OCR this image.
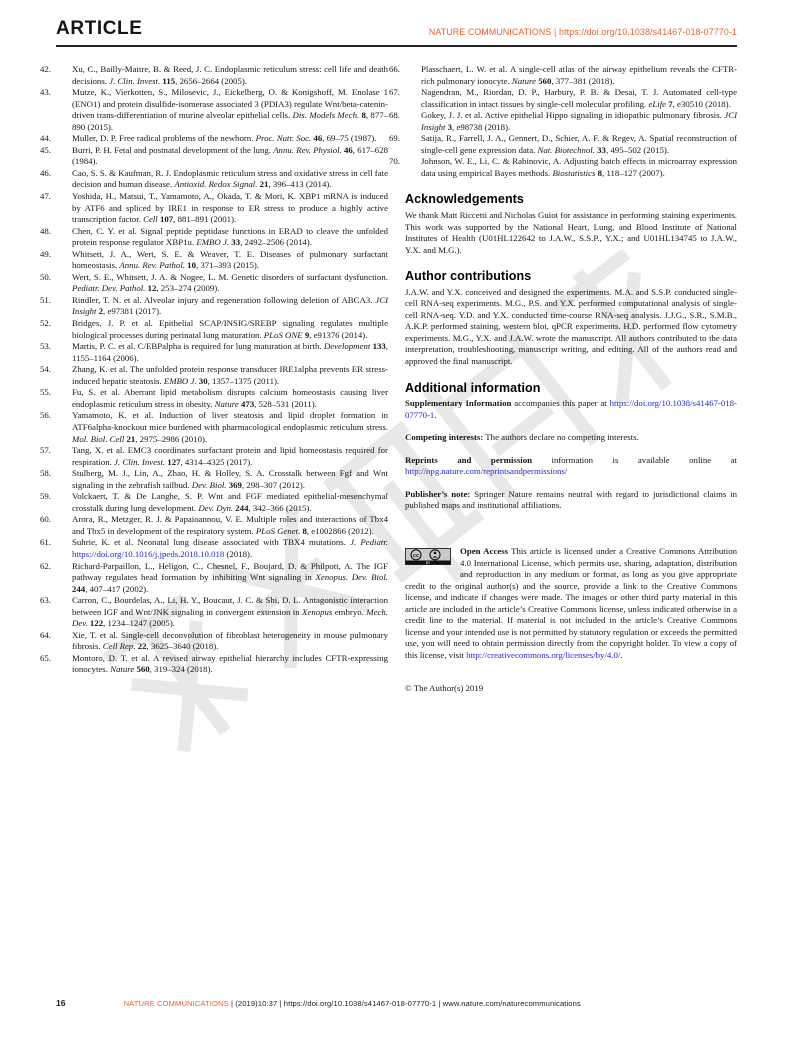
ARTICLE	NATURE COMMUNICATIONS | https://doi.org/10.1038/s41467-018-07770-1
42. Xu, C., Bailly-Maitre, B. & Reed, J. C. Endoplasmic reticulum stress: cell life and death decisions. J. Clin. Invest. 115, 2656–2664 (2005).
43. Mutze, K., Vierkotten, S., Milosevic, J., Eickelberg, O. & Konigshoff, M. Enolase 1 (ENO1) and protein disulfide-isomerase associated 3 (PDIA3) regulate Wnt/beta-catenin-driven trans-differentiation of murine alveolar epithelial cells. Dis. Models Mech. 8, 877–890 (2015).
44. Muller, D. P. Free radical problems of the newborn. Proc. Nutr. Soc. 46, 69–75 (1987).
45. Burri, P. H. Fetal and postnatal development of the lung. Annu. Rev. Physiol. 46, 617–628 (1984).
46. Cao, S. S. & Kaufman, R. J. Endoplasmic reticulum stress and oxidative stress in cell fate decision and human disease. Antioxid. Redox Signal. 21, 396–413 (2014).
47. Yoshida, H., Matsui, T., Yamamoto, A., Okada, T. & Mori, K. XBP1 mRNA is induced by ATF6 and spliced by IRE1 in response to ER stress to produce a highly active transcription factor. Cell 107, 881–891 (2001).
48. Chen, C. Y. et al. Signal peptide peptidase functions in ERAD to cleave the unfolded protein response regulator XBP1u. EMBO J. 33, 2492–2506 (2014).
49. Whitsett, J. A., Wert, S. E. & Weaver, T. E. Diseases of pulmonary surfactant homeostasis. Annu. Rev. Pathol. 10, 371–393 (2015).
50. Wert, S. E., Whitsett, J. A. & Nogee, L. M. Genetic disorders of surfactant dysfunction. Pediatr. Dev. Pathol. 12, 253–274 (2009).
51. Rindler, T. N. et al. Alveolar injury and regeneration following deletion of ABCA3. JCI Insight 2, e97381 (2017).
52. Bridges, J. P. et al. Epithelial SCAP/INSIG/SREBP signaling regulates multiple biological processes during perinatal lung maturation. PLoS ONE 9, e91376 (2014).
53. Martis, P. C. et al. C/EBPalpha is required for lung maturation at birth. Development 133, 1155–1164 (2006).
54. Zhang, K. et al. The unfolded protein response transducer IRE1alpha prevents ER stress-induced hepatic steatosis. EMBO J. 30, 1357–1375 (2011).
55. Fu, S. et al. Aberrant lipid metabolism disrupts calcium homeostasis causing liver endoplasmic reticulum stress in obesity. Nature 473, 528–531 (2011).
56. Yamamoto, K. et al. Induction of liver steatosis and lipid droplet formation in ATF6alpha-knockout mice burdened with pharmacological endoplasmic reticulum stress. Mol. Biol. Cell 21, 2975–2986 (2010).
57. Tang, X. et al. EMC3 coordinates surfactant protein and lipid homeostasis required for respiration. J. Clin. Invest. 127, 4314–4325 (2017).
58. Stulberg, M. J., Lin, A., Zhao, H. & Holley, S. A. Crosstalk between Fgf and Wnt signaling in the zebrafish tailbud. Dev. Biol. 369, 298–307 (2012).
59. Volckaert, T. & De Langhe, S. P. Wnt and FGF mediated epithelial-mesenchymal crosstalk during lung development. Dev. Dyn. 244, 342–366 (2015).
60. Arora, R., Metzger, R. J. & Papaioannou, V. E. Multiple roles and interactions of Tbx4 and Tbx5 in development of the respiratory system. PLoS Genet. 8, e1002866 (2012).
61. Suhrie, K. et al. Neonatal lung disease associated with TBX4 mutations. J. Pediatr. https://doi.org/10.1016/j.jpeds.2018.10.018 (2018).
62. Richard-Parpaillon, L., Heligon, C., Chesnel, F., Boujard, D. & Philpott, A. The IGF pathway regulates head formation by inhibiting Wnt signaling in Xenopus. Dev. Biol. 244, 407–417 (2002).
63. Carron, C., Bourdelas, A., Li, H. Y., Boucaut, J. C. & Shi, D. L. Antagonistic interaction between IGF and Wnt/JNK signaling in convergent extension in Xenopus embryo. Mech. Dev. 122, 1234–1247 (2005).
64. Xie, T. et al. Single-cell deconvolution of fibroblast heterogeneity in mouse pulmonary fibrosis. Cell Rep. 22, 3625–3640 (2018).
65. Montoro, D. T. et al. A revised airway epithelial hierarchy includes CFTR-expressing ionocytes. Nature 560, 319–324 (2018).
66. Plasschaert, L. W. et al. A single-cell atlas of the airway epithelium reveals the CFTR-rich pulmonary ionocyte. Nature 560, 377–381 (2018).
67. Nagendran, M., Riordan, D. P., Harbury, P. B. & Desai, T. J. Automated cell-type classification in intact tissues by single-cell molecular profiling. eLife 7, e30510 (2018).
68. Gokey, J. J. et al. Active epithelial Hippo signaling in idiopathic pulmonary fibrosis. JCI Insight 3, e98738 (2018).
69. Satija, R., Farrell, J. A., Gennert, D., Schier, A. F. & Regev, A. Spatial reconstruction of single-cell gene expression data. Nat. Biotechnol. 33, 495–502 (2015).
70. Johnson, W. E., Li, C. & Rabinovic, A. Adjusting batch effects in microarray expression data using empirical Bayes methods. Biostatistics 8, 118–127 (2007).
Acknowledgements

We thank Matt Riccetti and Nicholas Guiot for assistance in performing staining experiments. This work was supported by the National Heart, Lung, and Blood Institute of National Institutes of Health (U01HL122642 to J.A.W., S.S.P., Y.X.; and U01HL134745 to J.A.W., Y.X. and M.G.).

Author contributions

J.A.W. and Y.X. conceived and designed the experiments. M.A. and S.S.P. conducted single-cell RNA-seq experiments. M.G., P.S. and Y.X. performed computational analysis of single-cell RNA-seq. Y.D. and Y.X. conducted time-course RNA-seq analysis. J.J.G., S.R., S.M.B., A.K.P. performed staining, western blot, qPCR experiments. H.D. performed flow cytometry experiments. M.G., Y.X. and J.A.W. wrote the manuscript. All authors contributed to the data interpretation, troubleshooting, manuscript writing, and editing. All of the authors read and approved the final manuscript.

Additional information

Supplementary Information accompanies this paper at https://doi.org/10.1038/s41467-018-07770-1.

Competing interests: The authors declare no competing interests.

Reprints and permission information is available online at http://npg.nature.com/reprintsandpermissions/

Publisher’s note: Springer Nature remains neutral with regard to jurisdictional claims in published maps and institutional affiliations.

cc
BY

Open Access This article is licensed under a Creative Commons Attribution 4.0 International License, which permits use, sharing, adaptation, distribution and reproduction in any medium or format, as long as you give appropriate credit to the original author(s) and the source, provide a link to the Creative Commons license, and indicate if changes were made. The images or other third party material in this article are included in the article’s Creative Commons license, unless indicated otherwise in a credit line to the material. If material is not included in the article’s Creative Commons license and your intended use is not permitted by statutory regulation or exceeds the permitted use, you will need to obtain permission directly from the copyright holder. To view a copy of this license, visit http://creativecommons.org/licenses/by/4.0/.

© The Author(s) 2019

16	NATURE COMMUNICATIONS | (2019)10:37 | https://doi.org/10.1038/s41467-018-07770-1 | www.nature.com/naturecommunications
